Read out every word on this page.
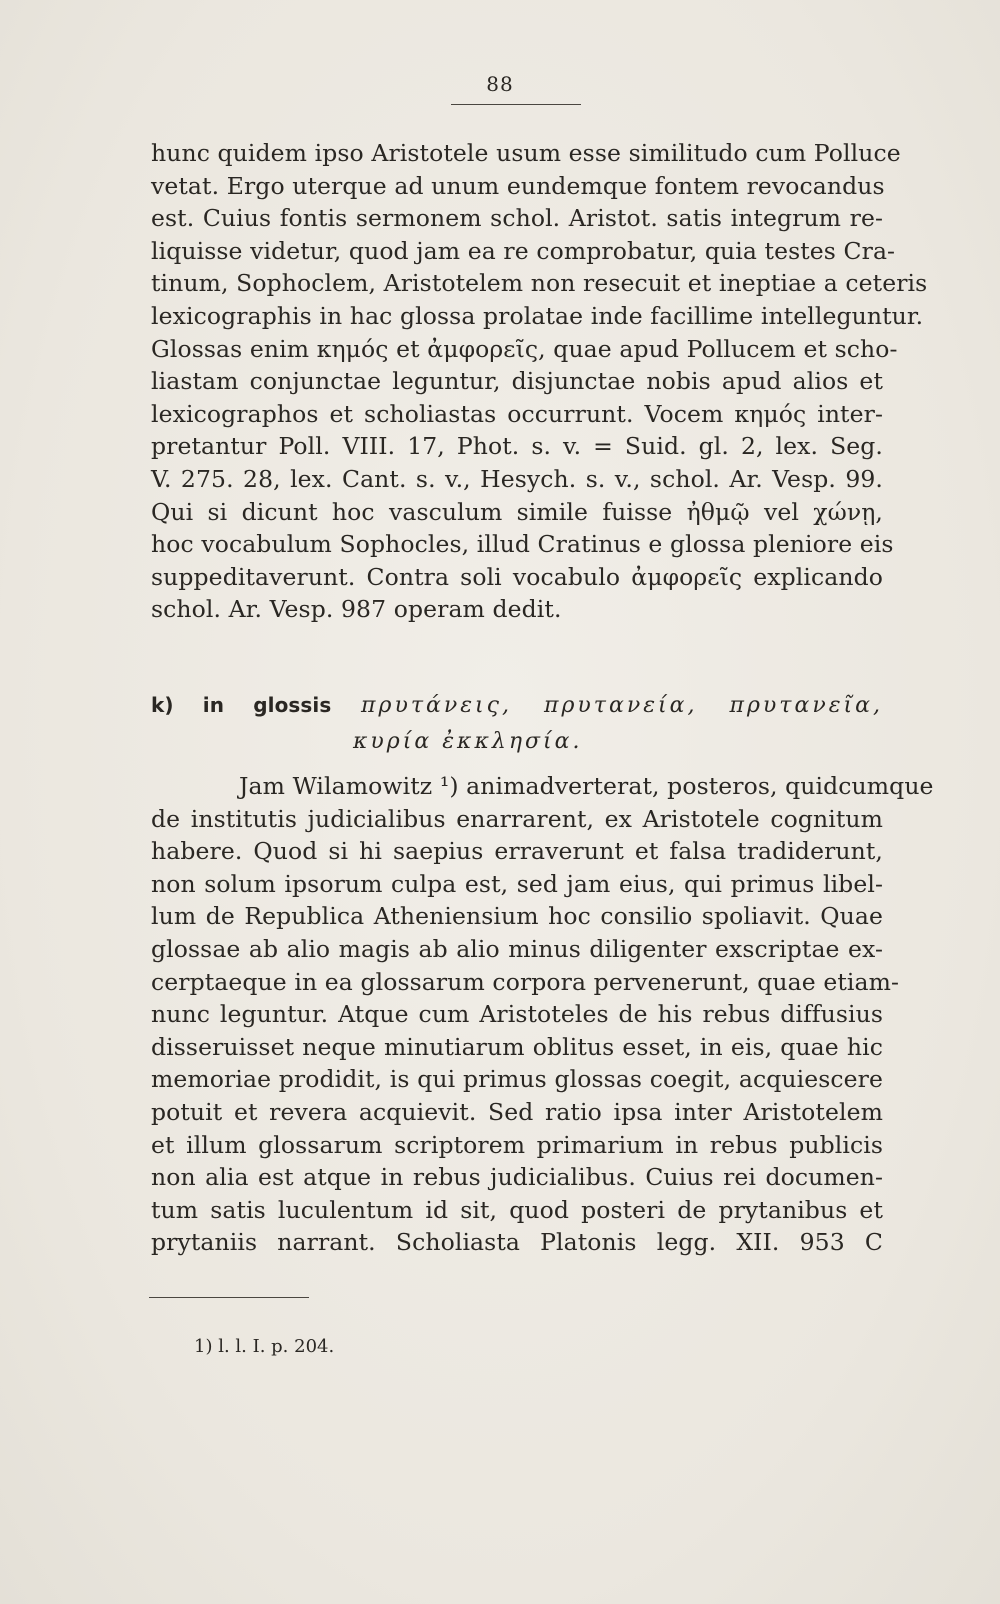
88
hunc quidem ipso Aristotele usum esse similitudo cum Polluce
vetat. Ergo uterque ad unum eundemque fontem revocandus
est. Cuius fontis sermonem schol. Aristot. satis integrum re-
liquisse videtur, quod jam ea re comprobatur, quia testes Cra-
tinum, Sophoclem, Aristotelem non resecuit et ineptiae a ceteris
lexicographis in hac glossa prolatae inde facillime intelleguntur.
Glossas enim κημός et ἀμφορεῖς, quae apud Pollucem et scho-
liastam conjunctae leguntur, disjunctae nobis apud alios et
lexicographos et scholiastas occurrunt. Vocem κημός inter-
pretantur Poll. VIII. 17, Phot. s. v. = Suid. gl. 2, lex. Seg.
V. 275. 28, lex. Cant. s. v., Hesych. s. v., schol. Ar. Vesp. 99.
Qui si dicunt hoc vasculum simile fuisse ἠθμῷ vel χώνῃ,
hoc vocabulum Sophocles, illud Cratinus e glossa pleniore eis
suppeditaverunt. Contra soli vocabulo ἀμφορεῖς explicando
schol. Ar. Vesp. 987 operam dedit.
k) in glossis πρυτάνεις, πρυτανεία, πρυτανεῖα,
κυρία ἐκκλησία.
Jam Wilamowitz ¹) animadverterat, posteros, quidcumque
de institutis judicialibus enarrarent, ex Aristotele cognitum
habere. Quod si hi saepius erraverunt et falsa tradiderunt,
non solum ipsorum culpa est, sed jam eius, qui primus libel-
lum de Republica Atheniensium hoc consilio spoliavit. Quae
glossae ab alio magis ab alio minus diligenter exscriptae ex-
cerptaeque in ea glossarum corpora pervenerunt, quae etiam-
nunc leguntur. Atque cum Aristoteles de his rebus diffusius
disseruisset neque minutiarum oblitus esset, in eis, quae hic
memoriae prodidit, is qui primus glossas coegit, acquiescere
potuit et revera acquievit. Sed ratio ipsa inter Aristotelem
et illum glossarum scriptorem primarium in rebus publicis
non alia est atque in rebus judicialibus. Cuius rei documen-
tum satis luculentum id sit, quod posteri de prytanibus et
prytaniis narrant. Scholiasta Platonis legg. XII. 953 C
1) l. l. I. p. 204.
